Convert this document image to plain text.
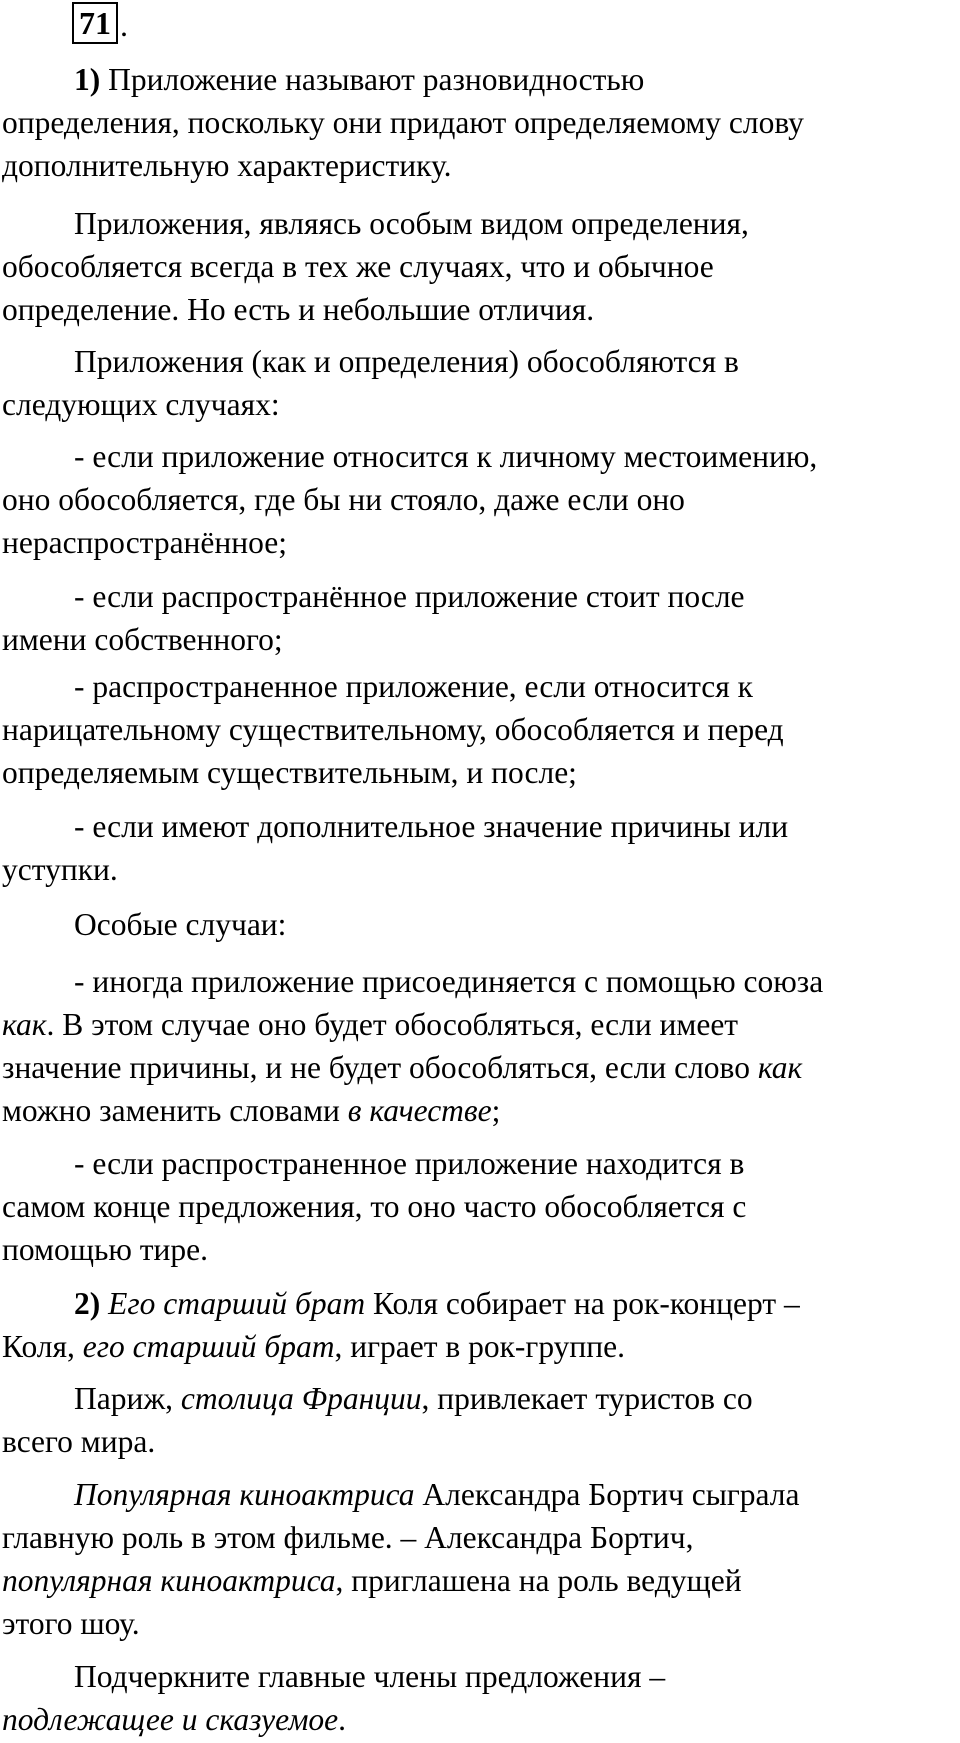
71 .

1) Приложение называют разновидностью
определения, поскольку они придают определяемому слову
дополнительную характеристику.

Приложения, являясь особым видом определения,
обособляется всегда в тех же случаях, что и обычное
определение. Но есть и небольшие отличия.

Приложения (как и определения) обособляются в
следующих случаях:

- если приложение относится к личному местоимению,
оно обособляется, где бы ни стояло, даже если оно
нераспространённое;

- если распространённое приложение стоит после
имени собственного;

- распространенное приложение, если относится к
нарицательному существительному, обособляется и перед
определяемым существительным, и после;

- если имеют дополнительное значение причины или
уступки.

Особые случаи:

- иногда приложение присоединяется с помощью союза
как. В этом случае оно будет обособляться, если имеет
значение причины, и не будет обособляться, если слово как
можно заменить словами в качестве;

- если распространенное приложение находится в
самом конце предложения, то оно часто обособляется с
помощью тире.

2) Его старший брат Коля собирает на рок-концерт –
Коля, его старший брат, играет в рок-группе.

Париж, столица Франции, привлекает туристов со
всего мира.

Популярная киноактриса Александра Бортич сыграла
главную роль в этом фильме. – Александра Бортич,
популярная киноактриса, приглашена на роль ведущей
этого шоу.

Подчеркните главные члены предложения –
подлежащее и сказуемое.
